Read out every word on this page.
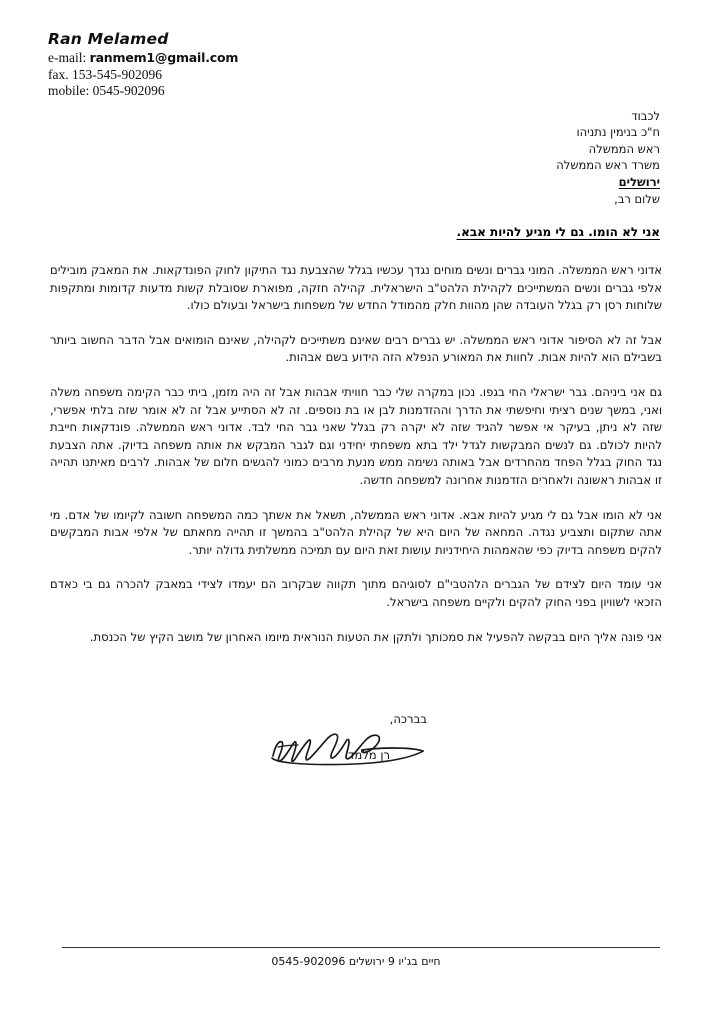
Ran Melamed
e-mail: ranmem1@gmail.com
fax. 153-545-902096
mobile: 0545-902096
לכבוד
ח"כ בנימין נתניהו
ראש הממשלה
משרד ראש הממשלה
ירושלים
שלום רב,
אני לא הומו. גם לי מגיע להיות אבא.

אדוני ראש הממשלה. המוני גברים ונשים מוחים נגדך עכשיו בגלל שהצבעת נגד התיקון לחוק הפונדקאות. את המאבק מובילים אלפי גברים ונשים המשתייכים לקהילת הלהט"ב הישראלית. קהילה חזקה, מפוארת שסובלת קשות מדעות קדומות ומתקפות שלוחות רסן רק בגלל העובדה שהן מהוות חלק מהמודל החדש של משפחות בישראל ובעולם כולו.

אבל זה לא הסיפור אדוני ראש הממשלה. יש גברים רבים שאינם משתייכים לקהילה, שאינם הומואים אבל הדבר החשוב ביותר בשבילם הוא להיות אבות. לחוות את המאורע הנפלא הזה הידוע בשם אבהות.

גם אני ביניהם. גבר ישראלי החי בגפו. נכון במקרה שלי כבר חוויתי אבהות אבל זה היה מזמן, ביתי כבר הקימה משפחה משלה ואני, במשך שנים רציתי וחיפשתי את הדרך וההזדמנות לבן או בת נוספים. זה לא הסתייע אבל זה לא אומר שזה בלתי אפשרי, שזה לא ניתן, בעיקר אי אפשר להגיד שזה לא יקרה רק בגלל שאני גבר החי לבד. אדוני ראש הממשלה. פונדקאות חייבת להיות לכולם. גם לנשים המבקשות לגדל ילד בתא משפחתי יחידני וגם לגבר המבקש את אותה משפחה בדיוק. אתה הצבעת נגד החוק בגלל הפחד מהחרדים אבל באותה נשימה ממש מנעת מרבים כמוני להגשים חלום של אבהות. לרבים מאיתנו תהייה זו אבהות ראשונה ולאחרים הזדמנות אחרונה למשפחה חדשה.

אני לא הומו אבל גם לי מגיע להיות אבא. אדוני ראש הממשלה, תשאל את אשתך כמה המשפחה חשובה לקיומו של אדם. מי אתה שתקום ותצביע נגדה. המחאה של היום היא של קהילת הלהט"ב בהמשך זו תהייה מחאתם של אלפי אבות המבקשים להקים משפחה בדיוק כפי שהאמהות היחידניות עושות זאת היום עם תמיכה ממשלתית גדולה יותר.

אני עומד היום לצידם של הגברים הלהטבי"ם לסוגיהם מתוך תקווה שבקרוב הם יעמדו לצידי במאבק להכרה גם בי כאדם הזכאי לשוויון בפני החוק להקים ולקיים משפחה בישראל.

אני פונה אליך היום בבקשה להפעיל את סמכותך ולתקן את הטעות הנוראית מיומו האחרון של מושב הקיץ של הכנסת.

בברכה,
רן מלמד
חיים בג'יו 9 ירושלים 0545-902096
